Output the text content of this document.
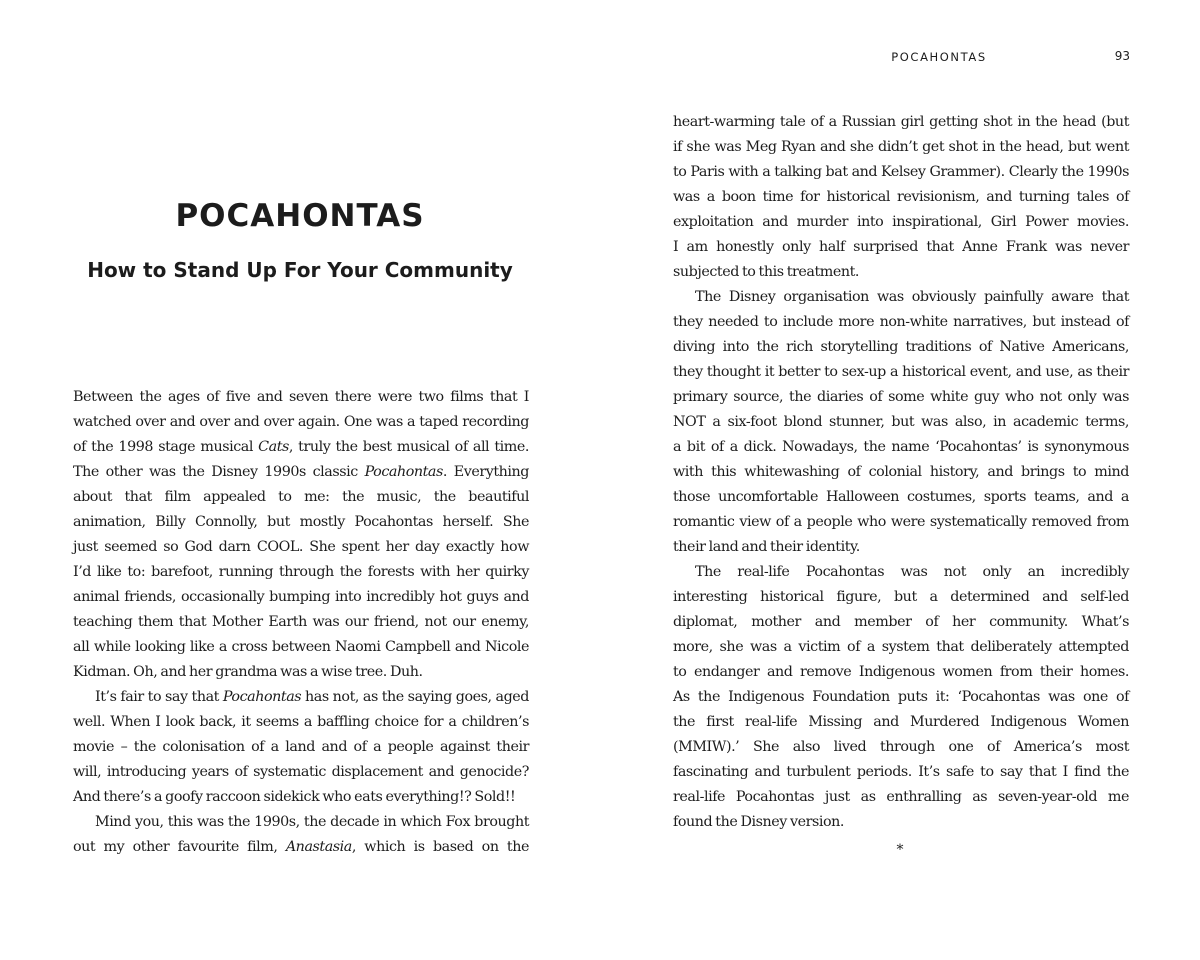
POCAHONTAS
How to Stand Up For Your Community

Between the ages of five and seven there were two films that I

watched over and over and over again. One was a taped recording

of the 1998 stage musical Cats, truly the best musical of all time.

The other was the Disney 1990s classic Pocahontas. Everything

about that film appealed to me: the music, the beautiful

animation, Billy Connolly, but mostly Pocahontas herself. She

just seemed so God darn COOL. She spent her day exactly how

I’d like to: barefoot, running through the forests with her quirky

animal friends, occasionally bumping into incredibly hot guys and

teaching them that Mother Earth was our friend, not our enemy,

all while looking like a cross between Naomi Campbell and Nicole

Kidman. Oh, and her grandma was a wise tree. Duh.

It’s fair to say that Pocahontas has not, as the saying goes, aged

well. When I look back, it seems a baffling choice for a children’s

movie – the colonisation of a land and of a people against their

will, introducing years of systematic displacement and genocide?

And there’s a goofy raccoon sidekick who eats everything!? Sold!!

Mind you, this was the 1990s, the decade in which Fox brought

out my other favourite film, Anastasia, which is based on the

POCAHONTAS	93

heart-warming tale of a Russian girl getting shot in the head (but

if she was Meg Ryan and she didn’t get shot in the head, but went

to Paris with a talking bat and Kelsey Grammer). Clearly the 1990s

was a boon time for historical revisionism, and turning tales of

exploitation and murder into inspirational, Girl Power movies.

I am honestly only half surprised that Anne Frank was never

subjected to this treatment.

The Disney organisation was obviously painfully aware that

they needed to include more non-white narratives, but instead of

diving into the rich storytelling traditions of Native Americans,

they thought it better to sex-up a historical event, and use, as their

primary source, the diaries of some white guy who not only was

NOT a six-foot blond stunner, but was also, in academic terms,

a bit of a dick. Nowadays, the name ‘Pocahontas’ is synonymous

with this whitewashing of colonial history, and brings to mind

those uncomfortable Halloween costumes, sports teams, and a

romantic view of a people who were systematically removed from

their land and their identity.

The real-life Pocahontas was not only an incredibly

interesting historical figure, but a determined and self-led

diplomat, mother and member of her community. What’s

more, she was a victim of a system that deliberately attempted

to endanger and remove Indigenous women from their homes.

As the Indigenous Foundation puts it: ‘Pocahontas was one of

the first real-life Missing and Murdered Indigenous Women

(MMIW).’ She also lived through one of America’s most

fascinating and turbulent periods. It’s safe to say that I find the

real-life Pocahontas just as enthralling as seven-year-old me

found the Disney version.

*
